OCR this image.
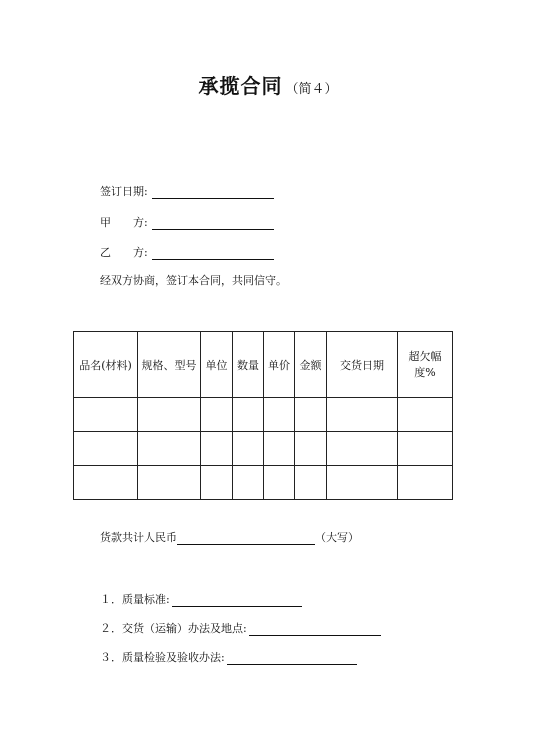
承揽合同 （简４）
签订日期:
甲　　方:
乙　　方:
经双方协商，签订本合同，共同信守。
品名(材料)	规格、型号	单位	数量	单价	金额	交货日期	超欠幅度%

货款共计人民币	（大写）
１．质量标准:
２．交货（运输）办法及地点:
３．质量检验及验收办法:
